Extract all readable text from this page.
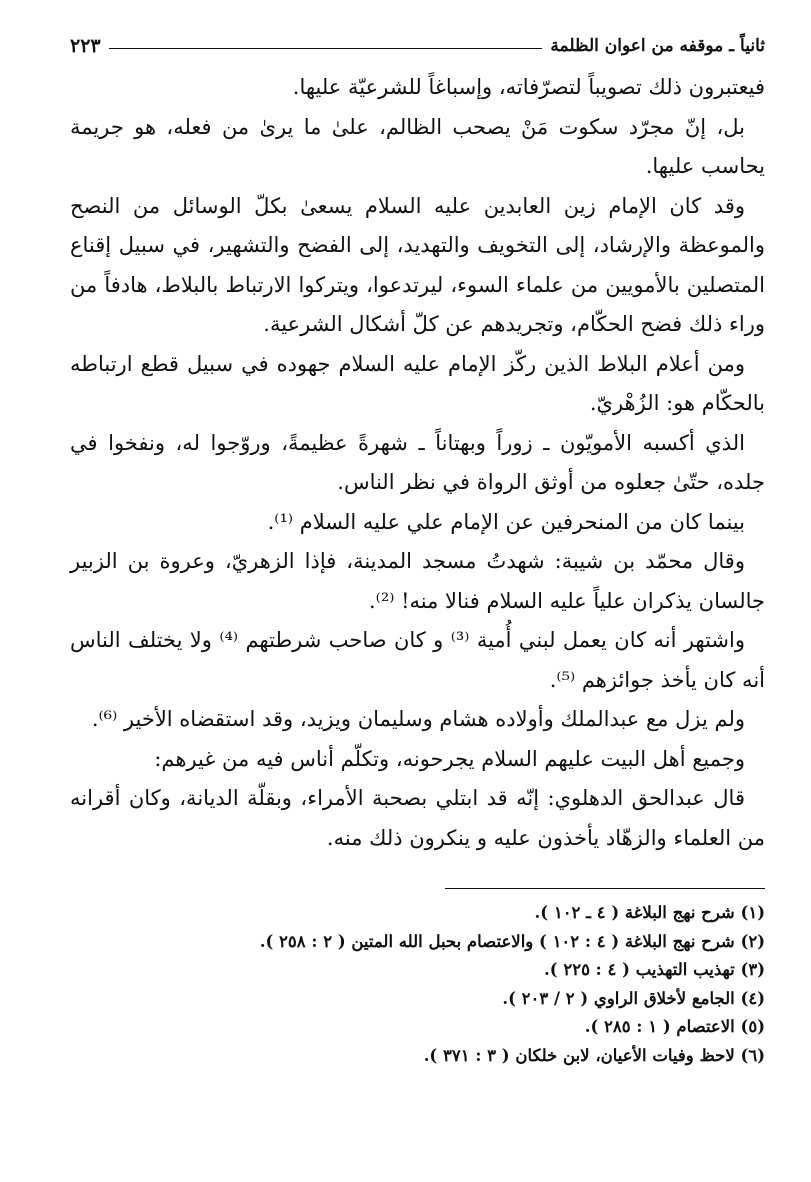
ثانياً ـ موقفه من اعوان الظلمة
٢٢٣

فيعتبرون ذلك تصويباً لتصرّفاته، وإسباغاً للشرعيّة عليها.

بل، إنّ مجرّد سكوت مَنْ يصحب الظالم، علىٰ ما يرىٰ من فعله، هو جريمة يحاسب عليها.

وقد كان الإمام زين العابدين عليه السلام يسعىٰ بكلّ الوسائل من النصح والموعظة والإرشاد، إلى التخويف والتهديد، إلى الفضح والتشهير، في سبيل إقناع المتصلين بالأمويين من علماء السوء، ليرتدعوا، ويتركوا الارتباط بالبلاط، هادفاً من وراء ذلك فضح الحكّام، وتجريدهم عن كلّ أشكال الشرعية.

ومن أعلام البلاط الذين ركّز الإمام عليه السلام جهوده في سبيل قطع ارتباطه بالحكّام هو: الزُهْريّ.

الذي أكسبه الأمويّون ـ زوراً وبهتاناً ـ شهرةً عظيمةً، وروّجوا له، ونفخوا في جلده، حتّىٰ جعلوه من أوثق الرواة في نظر الناس.

بينما كان من المنحرفين عن الإمام علي عليه السلام ⁽¹⁾.

وقال محمّد بن شيبة: شهدتُ مسجد المدينة، فإذا الزهريّ، وعروة بن الزبير جالسان يذكران علياً عليه السلام فنالا منه! ⁽²⁾.

واشتهر أنه كان يعمل لبني أُمية ⁽³⁾ و كان صاحب شرطتهم ⁽⁴⁾ ولا يختلف الناس أنه كان يأخذ جوائزهم ⁽⁵⁾.

ولم يزل مع عبدالملك وأولاده هشام وسليمان ويزيد، وقد استقضاه الأخير ⁽⁶⁾.

وجميع أهل البيت عليهم السلام يجرحونه، وتكلّم أناس فيه من غيرهم:

قال عبدالحق الدهلوي: إنّه قد ابتلي بصحبة الأمراء، وبقلّة الديانة، وكان أقرانه من العلماء والزهّاد يأخذون عليه و ينكرون ذلك منه.

(١) شرح نهج البلاغة ( ٤ ـ ١٠٢ ).
(٢) شرح نهج البلاغة ( ٤ : ١٠٢ ) والاعتصام بحبل الله المتين ( ٢ : ٢٥٨ ).
(٣) تهذيب التهذيب ( ٤ : ٢٢٥ ).
(٤) الجامع لأخلاق الراوي ( ٢ / ٢٠٣ ).
(٥) الاعتصام ( ١ : ٢٨٥ ).
(٦) لاحظ وفيات الأعيان، لابن خلكان ( ٣ : ٣٧١ ).
